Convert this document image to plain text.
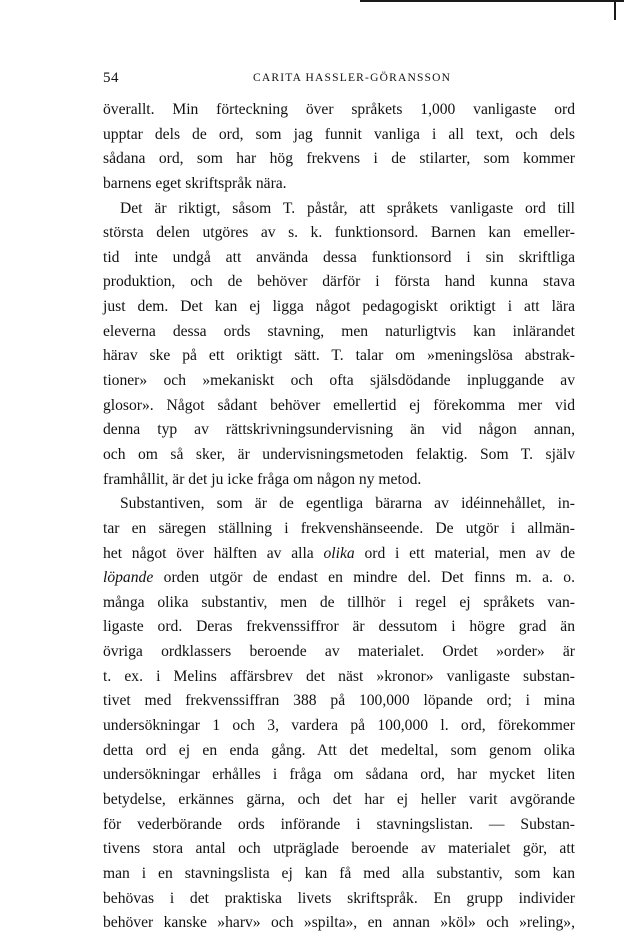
54	CARITA HASSLER-GÖRANSSON
överallt. Min förteckning över språkets 1,000 vanligaste ord
upptar dels de ord, som jag funnit vanliga i all text, och dels
sådana ord, som har hög frekvens i de stilarter, som kommer
barnens eget skriftspråk nära.
Det är riktigt, såsom T. påstår, att språkets vanligaste ord till
största delen utgöres av s. k. funktionsord. Barnen kan emeller-
tid inte undgå att använda dessa funktionsord i sin skriftliga
produktion, och de behöver därför i första hand kunna stava
just dem. Det kan ej ligga något pedagogiskt oriktigt i att lära
eleverna dessa ords stavning, men naturligtvis kan inlärandet
härav ske på ett oriktigt sätt. T. talar om »meningslösa abstrak-
tioner» och »mekaniskt och ofta själsdödande inpluggande av
glosor». Något sådant behöver emellertid ej förekomma mer vid
denna typ av rättskrivningsundervisning än vid någon annan,
och om så sker, är undervisningsmetoden felaktig. Som T. själv
framhållit, är det ju icke fråga om någon ny metod.
Substantiven, som är de egentliga bärarna av idéinnehållet, in-
tar en säregen ställning i frekvenshänseende. De utgör i allmän-
het något över hälften av alla olika ord i ett material, men av de
löpande orden utgör de endast en mindre del. Det finns m. a. o.
många olika substantiv, men de tillhör i regel ej språkets van-
ligaste ord. Deras frekvenssiffror är dessutom i högre grad än
övriga ordklassers beroende av materialet. Ordet »order» är
t. ex. i Melins affärsbrev det näst »kronor» vanligaste substan-
tivet med frekvenssiffran 388 på 100,000 löpande ord; i mina
undersökningar 1 och 3, vardera på 100,000 l. ord, förekommer
detta ord ej en enda gång. Att det medeltal, som genom olika
undersökningar erhålles i fråga om sådana ord, har mycket liten
betydelse, erkännes gärna, och det har ej heller varit avgörande
för vederbörande ords införande i stavningslistan. — Substan-
tivens stora antal och utpräglade beroende av materialet gör, att
man i en stavningslista ej kan få med alla substantiv, som kan
behövas i det praktiska livets skriftspråk. En grupp individer
behöver kanske »harv» och »spilta», en annan »köl» och »reling»,
